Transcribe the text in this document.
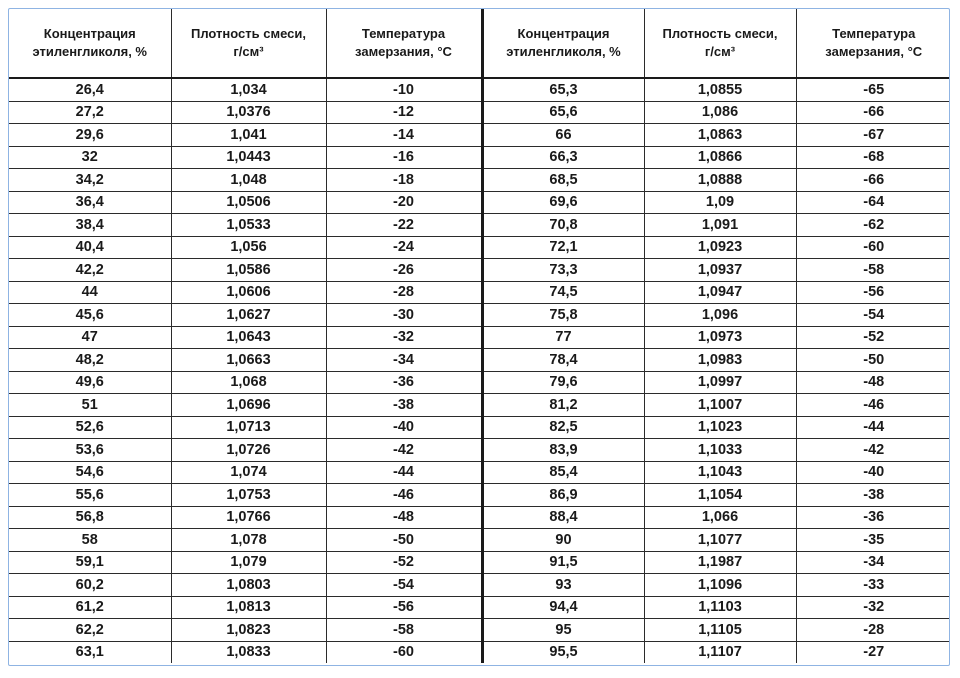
Концентрация
этиленгликоля, %	Плотность смеси,
г/см³	Температура
замерзания, °С	Концентрация
этиленгликоля, %	Плотность смеси,
г/см³	Температура
замерзания, °С

26,4	1,034	-10	65,3	1,0855	-65
27,2	1,0376	-12	65,6	1,086	-66
29,6	1,041	-14	66	1,0863	-67
32	1,0443	-16	66,3	1,0866	-68
34,2	1,048	-18	68,5	1,0888	-66
36,4	1,0506	-20	69,6	1,09	-64
38,4	1,0533	-22	70,8	1,091	-62
40,4	1,056	-24	72,1	1,0923	-60
42,2	1,0586	-26	73,3	1,0937	-58
44	1,0606	-28	74,5	1,0947	-56
45,6	1,0627	-30	75,8	1,096	-54
47	1,0643	-32	77	1,0973	-52
48,2	1,0663	-34	78,4	1,0983	-50
49,6	1,068	-36	79,6	1,0997	-48
51	1,0696	-38	81,2	1,1007	-46
52,6	1,0713	-40	82,5	1,1023	-44
53,6	1,0726	-42	83,9	1,1033	-42
54,6	1,074	-44	85,4	1,1043	-40
55,6	1,0753	-46	86,9	1,1054	-38
56,8	1,0766	-48	88,4	1,066	-36
58	1,078	-50	90	1,1077	-35
59,1	1,079	-52	91,5	1,1987	-34
60,2	1,0803	-54	93	1,1096	-33
61,2	1,0813	-56	94,4	1,1103	-32
62,2	1,0823	-58	95	1,1105	-28
63,1	1,0833	-60	95,5	1,1107	-27
